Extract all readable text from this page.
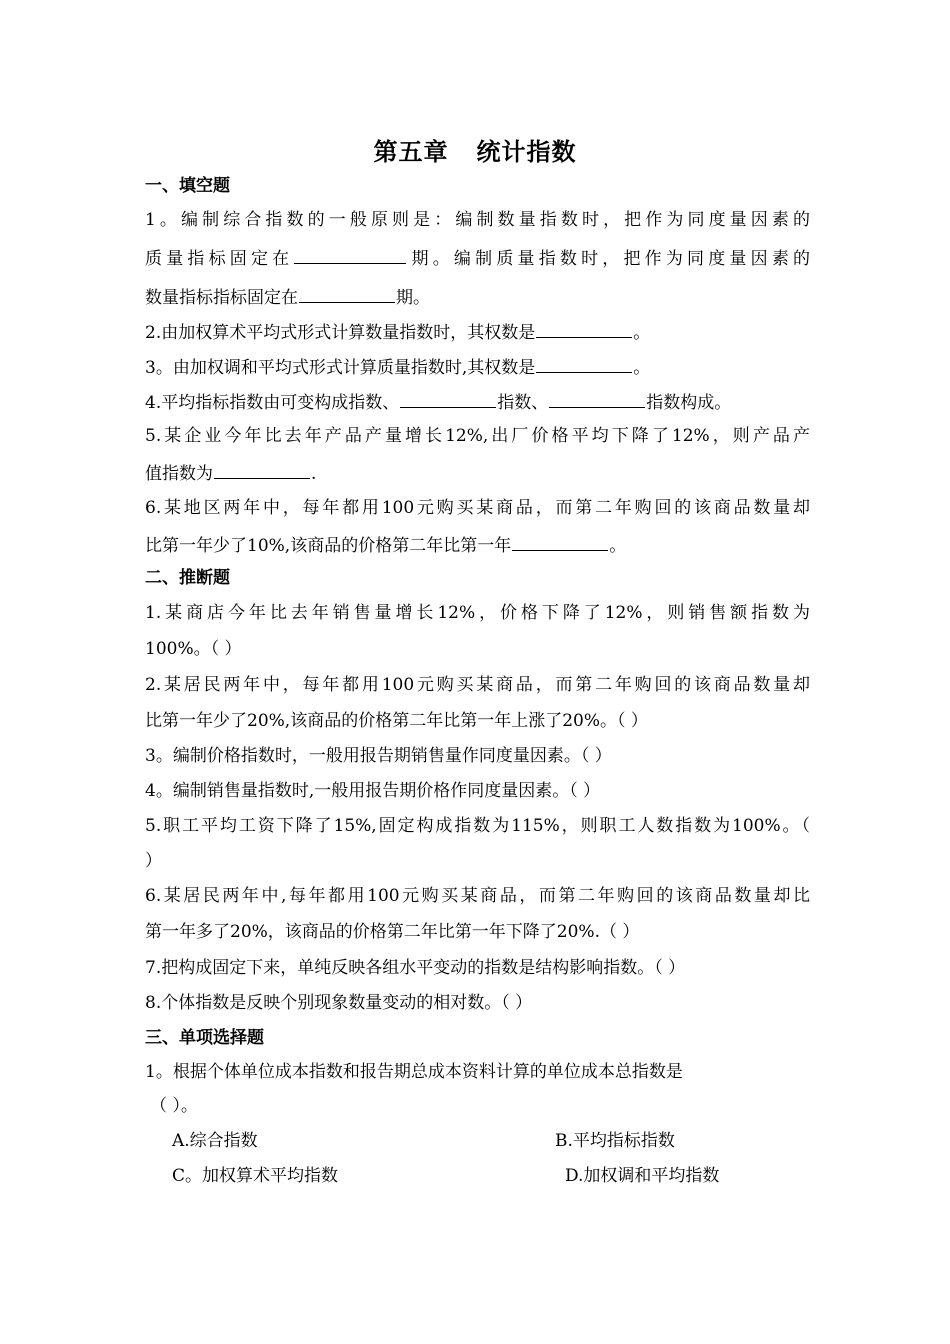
第五章   统计指数
一、填空题
1。编制综合指数的一般原则是：编制数量指数时，把作为同度量因素的
质量指标固定在	期。编制质量指数时，把作为同度量因素的
数量指标指标固定在	期。
2.由加权算术平均式形式计算数量指数时，其权数是	。
3。由加权调和平均式形式计算质量指数时,其权数是	。
4.平均指标指数由可变构成指数、	指数、	指数构成。
5.某企业今年比去年产品产量增长12%,出厂价格平均下降了12%，则产品产
值指数为	.
6.某地区两年中，每年都用100元购买某商品，而第二年购回的该商品数量却
比第一年少了10%,该商品的价格第二年比第一年	。
二、推断题
1.某商店今年比去年销售量增长12%，价格下降了12%，则销售额指数为
100%。（ ）
2.某居民两年中，每年都用100元购买某商品，而第二年购回的该商品数量却
比第一年少了20%,该商品的价格第二年比第一年上涨了20%。（ ）
3。编制价格指数时，一般用报告期销售量作同度量因素。（ ）
4。编制销售量指数时,一般用报告期价格作同度量因素。（ ）
5.职工平均工资下降了15%,固定构成指数为115%，则职工人数指数为100%。（
）
6.某居民两年中,每年都用100元购买某商品，而第二年购回的该商品数量却比
第一年多了20%，该商品的价格第二年比第一年下降了20%.（ ）
7.把构成固定下来，单纯反映各组水平变动的指数是结构影响指数。（ ）
8.个体指数是反映个别现象数量变动的相对数。（ ）
三、单项选择题
1。根据个体单位成本指数和报告期总成本资料计算的单位成本总指数是
（ ）。
A.综合指数	B.平均指标指数
C。加权算术平均指数	D.加权调和平均指数
